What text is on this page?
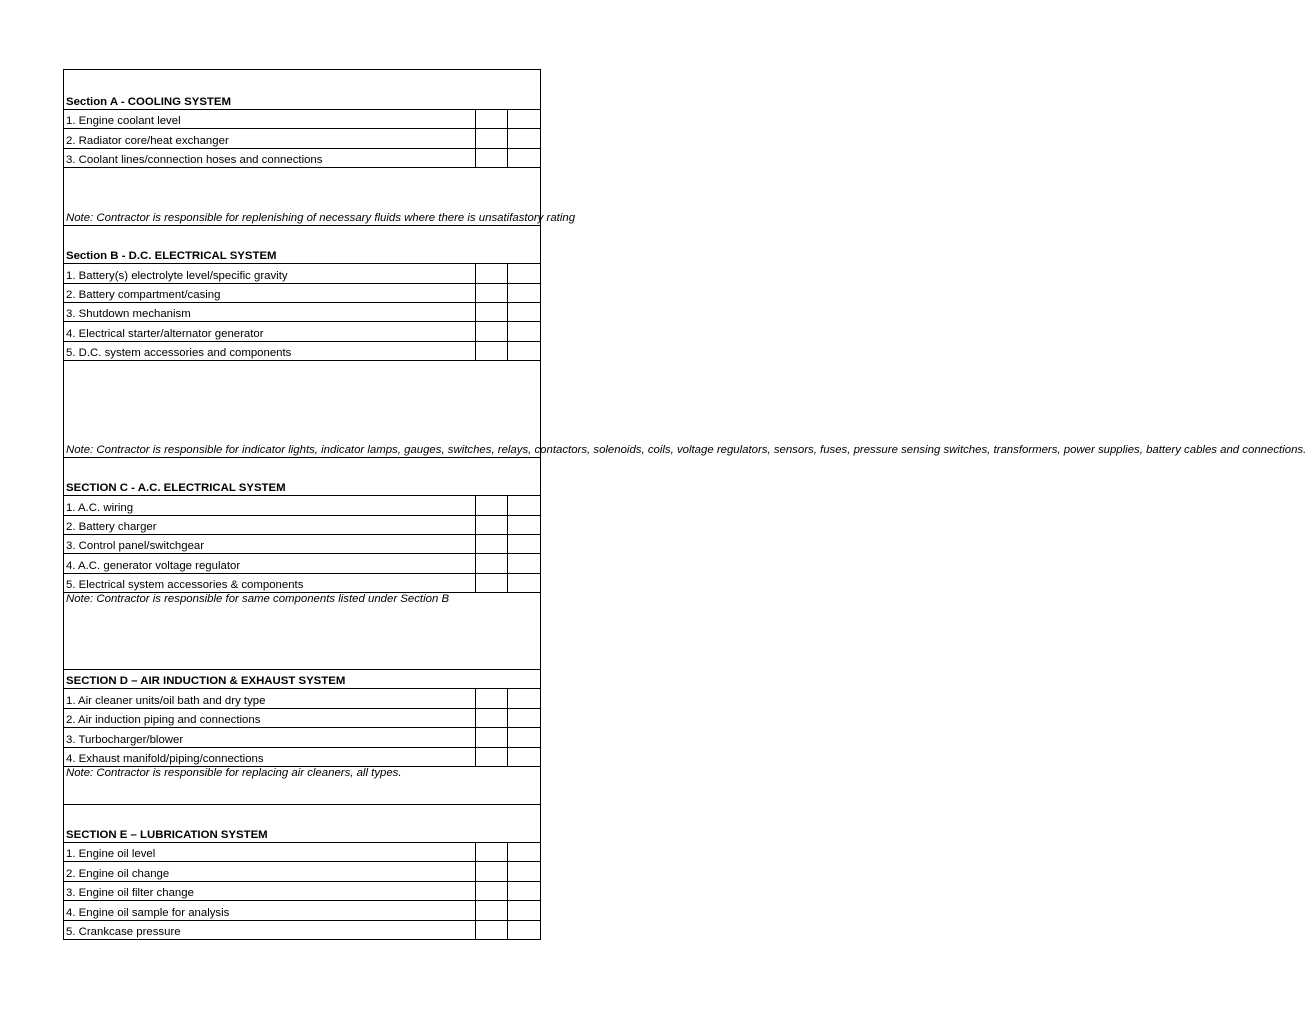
Section A - COOLING SYSTEM		
1. Engine coolant level		
2. Radiator core/heat exchanger		
3. Coolant lines/connection hoses and connections		
Note: Contractor is responsible for replenishing of necessary fluids where there is unsatifastory rating		
Section B - D.C. ELECTRICAL SYSTEM		
1. Battery(s) electrolyte level/specific gravity		
2. Battery compartment/casing		
3. Shutdown mechanism		
4. Electrical starter/alternator generator		
5. D.C. system accessories and components		
Note: Contractor is responsible for indicator lights, indicator lamps, gauges, switches, relays, contactors, solenoids, coils, voltage regulators, sensors, fuses, pressure sensing switches, transformers, power supplies, battery cables and connections.		
SECTION C - A.C. ELECTRICAL SYSTEM		
1. A.C. wiring		
2. Battery charger		
3. Control panel/switchgear		
4. A.C. generator voltage regulator		
5. Electrical system accessories & components		
Note: Contractor is responsible for same components listed under Section B		
SECTION D – AIR INDUCTION & EXHAUST SYSTEM		
1. Air cleaner units/oil bath and dry type		
2. Air induction piping and connections		
3. Turbocharger/blower		
4. Exhaust manifold/piping/connections		
Note: Contractor is responsible for replacing air cleaners, all types.		
SECTION E – LUBRICATION SYSTEM		
1. Engine oil level		
2. Engine oil change		
3. Engine oil filter change		
4. Engine oil sample for analysis		
5. Crankcase pressure		
